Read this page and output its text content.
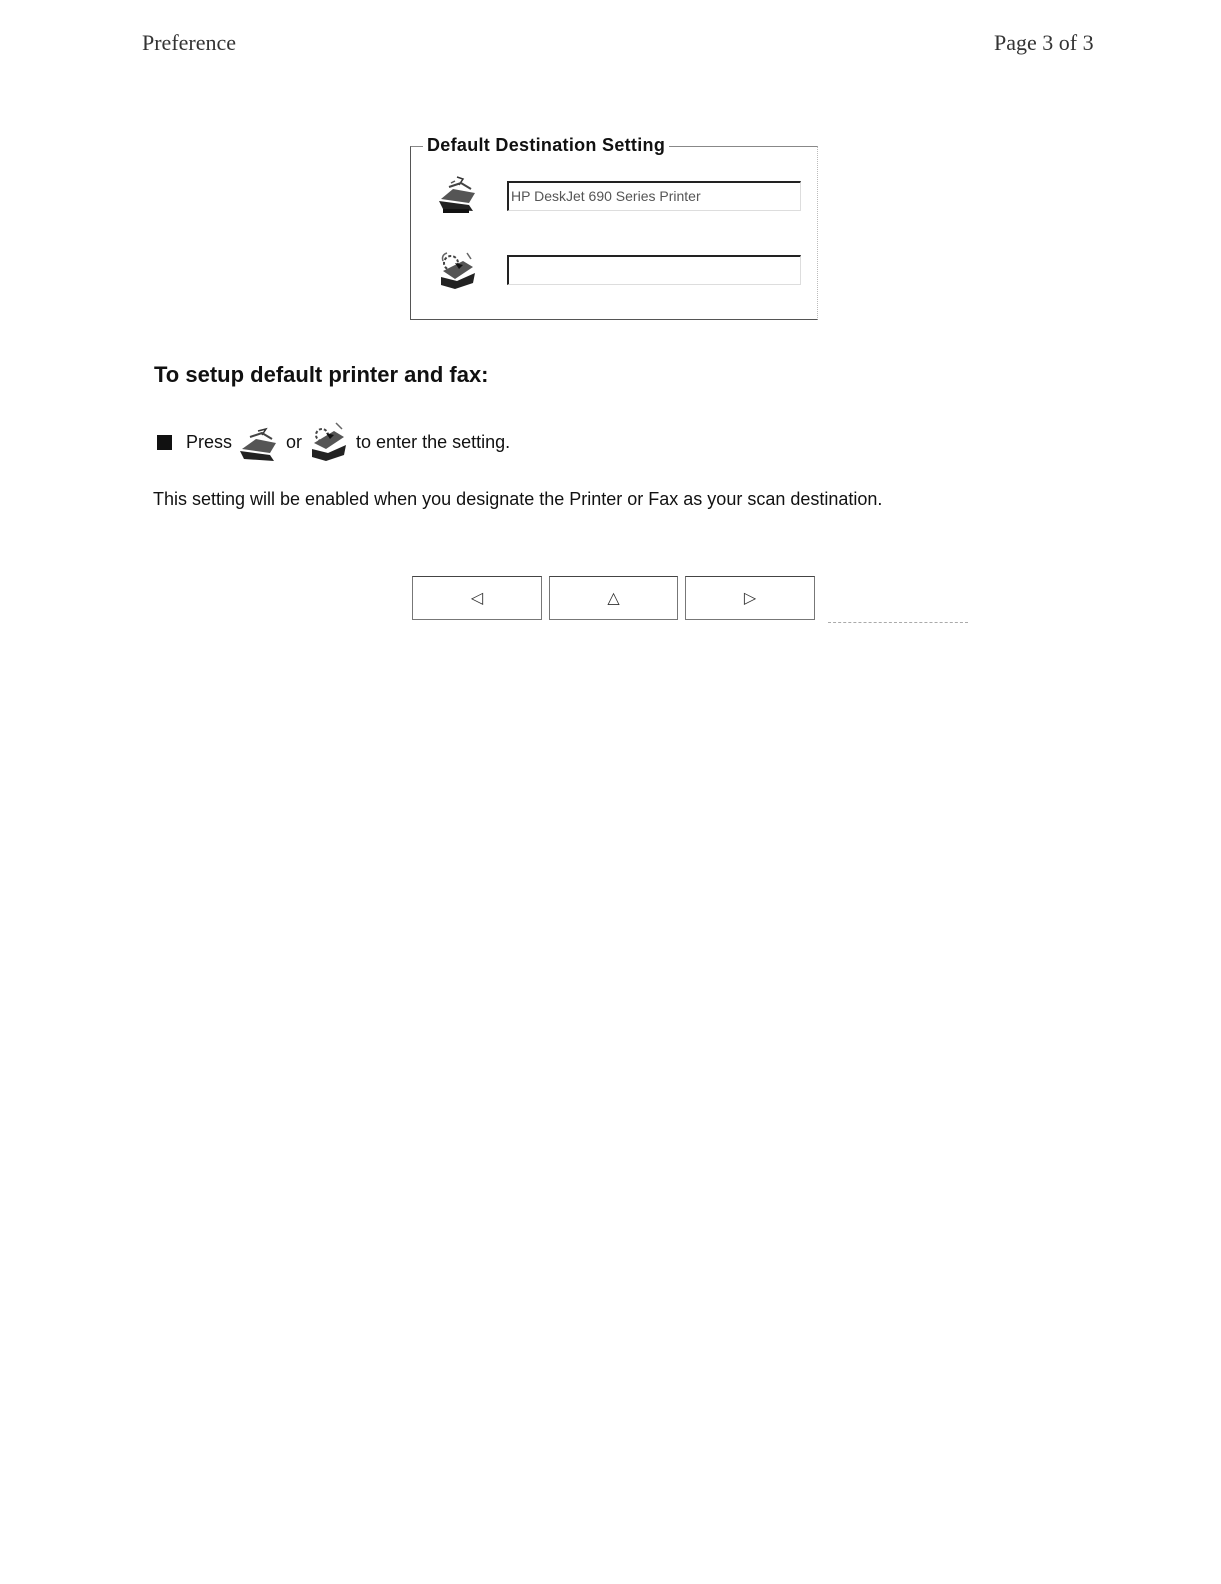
Preference	Page 3 of 3
Default Destination Setting
HP DeskJet 690 Series Printer
To setup default printer and fax:
Press	or	to enter the setting.
This setting will be enabled when you designate the Printer or Fax as your scan destination.
◁	△	▷
